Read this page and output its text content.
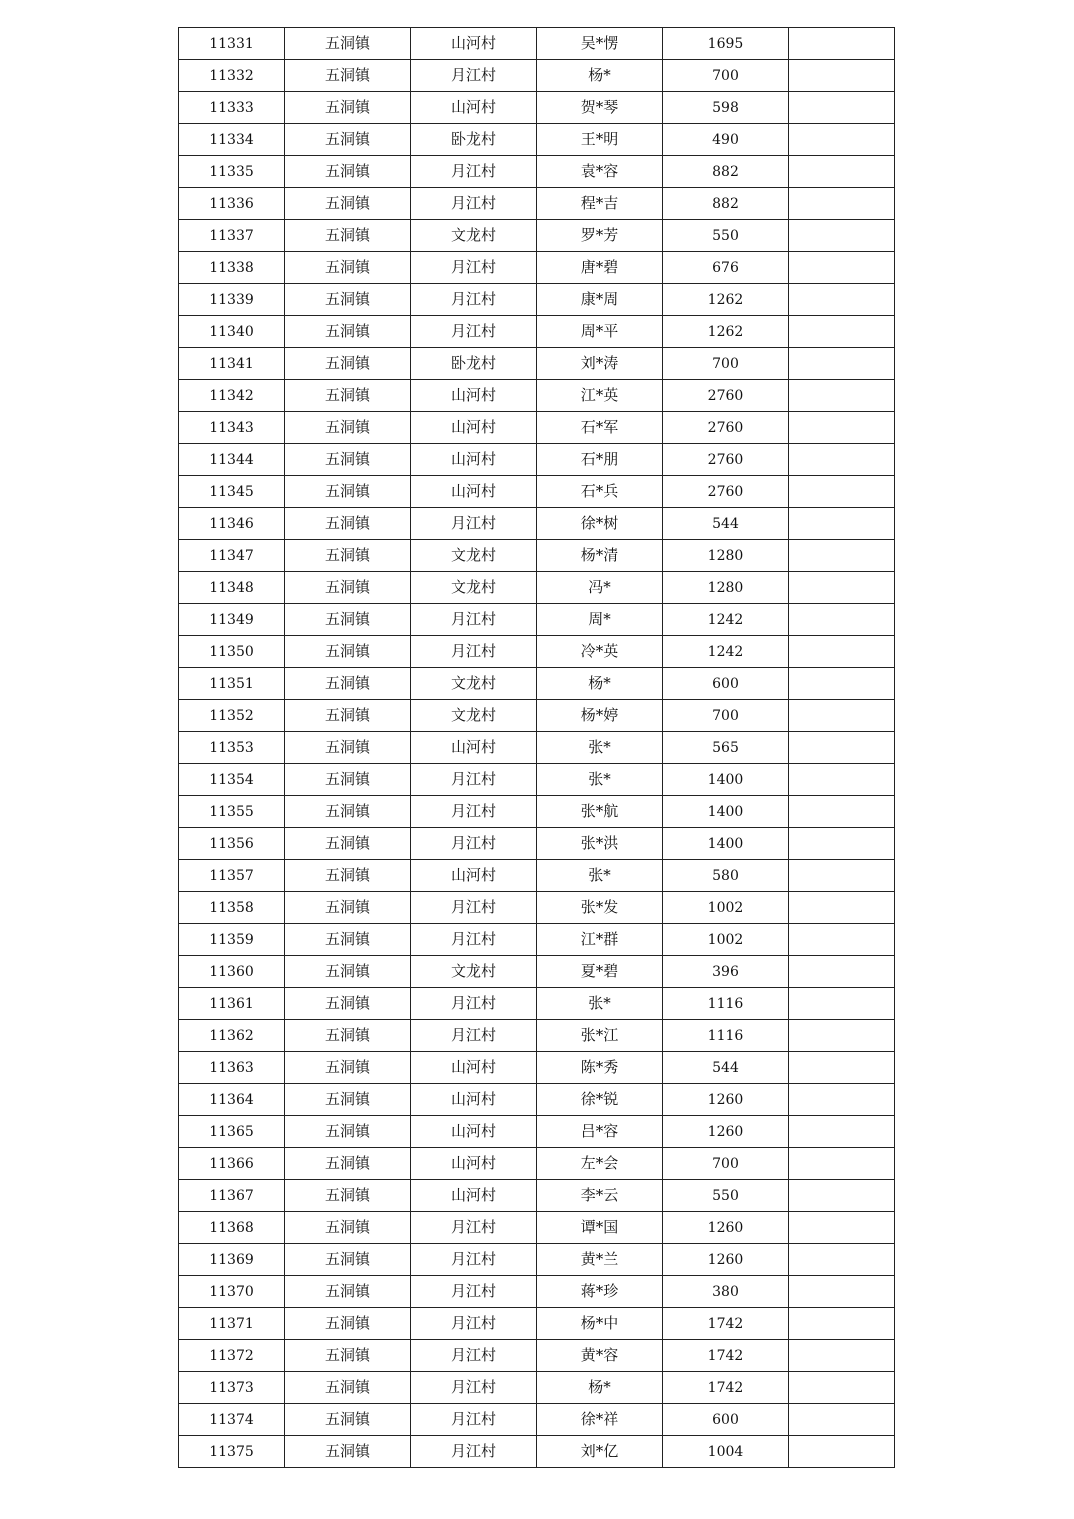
11331	五洞镇	山河村	吴*愣	1695	
11332	五洞镇	月江村	杨*	700	
11333	五洞镇	山河村	贺*琴	598	
11334	五洞镇	卧龙村	王*明	490	
11335	五洞镇	月江村	袁*容	882	
11336	五洞镇	月江村	程*吉	882	
11337	五洞镇	文龙村	罗*芳	550	
11338	五洞镇	月江村	唐*碧	676	
11339	五洞镇	月江村	康*周	1262	
11340	五洞镇	月江村	周*平	1262	
11341	五洞镇	卧龙村	刘*涛	700	
11342	五洞镇	山河村	江*英	2760	
11343	五洞镇	山河村	石*军	2760	
11344	五洞镇	山河村	石*朋	2760	
11345	五洞镇	山河村	石*兵	2760	
11346	五洞镇	月江村	徐*树	544	
11347	五洞镇	文龙村	杨*清	1280	
11348	五洞镇	文龙村	冯*	1280	
11349	五洞镇	月江村	周*	1242	
11350	五洞镇	月江村	冷*英	1242	
11351	五洞镇	文龙村	杨*	600	
11352	五洞镇	文龙村	杨*婷	700	
11353	五洞镇	山河村	张*	565	
11354	五洞镇	月江村	张*	1400	
11355	五洞镇	月江村	张*航	1400	
11356	五洞镇	月江村	张*洪	1400	
11357	五洞镇	山河村	张*	580	
11358	五洞镇	月江村	张*发	1002	
11359	五洞镇	月江村	江*群	1002	
11360	五洞镇	文龙村	夏*碧	396	
11361	五洞镇	月江村	张*	1116	
11362	五洞镇	月江村	张*江	1116	
11363	五洞镇	山河村	陈*秀	544	
11364	五洞镇	山河村	徐*锐	1260	
11365	五洞镇	山河村	吕*容	1260	
11366	五洞镇	山河村	左*会	700	
11367	五洞镇	山河村	李*云	550	
11368	五洞镇	月江村	谭*国	1260	
11369	五洞镇	月江村	黄*兰	1260	
11370	五洞镇	月江村	蒋*珍	380	
11371	五洞镇	月江村	杨*中	1742	
11372	五洞镇	月江村	黄*容	1742	
11373	五洞镇	月江村	杨*	1742	
11374	五洞镇	月江村	徐*祥	600	
11375	五洞镇	月江村	刘*亿	1004	
